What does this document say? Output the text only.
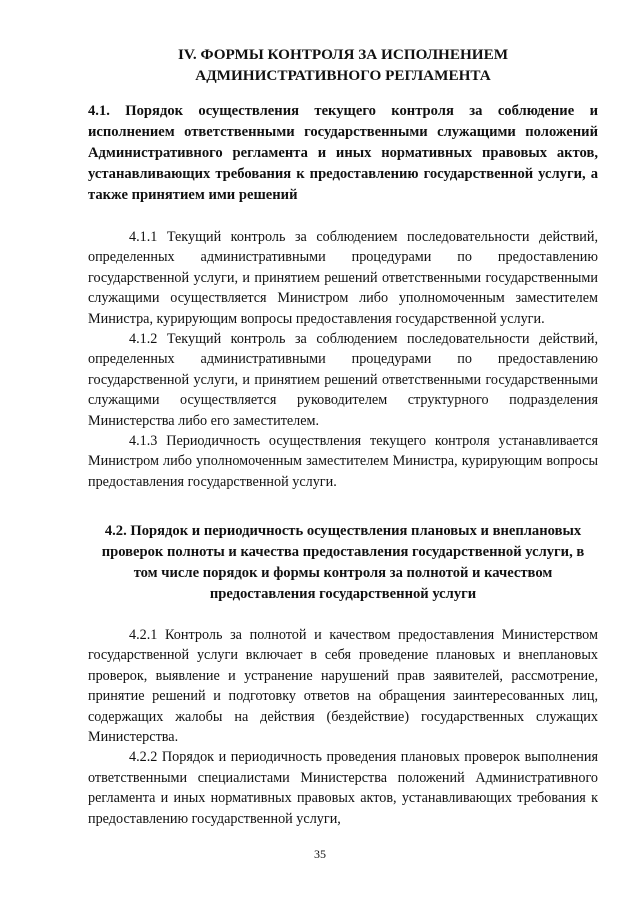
IV. ФОРМЫ КОНТРОЛЯ ЗА ИСПОЛНЕНИЕМ
АДМИНИСТРАТИВНОГО РЕГЛАМЕНТА
4.1. Порядок осуществления текущего контроля за соблюдение и исполнением ответственными государственными служащими положений Административного регламента и иных нормативных правовых актов, устанавливающих требования к предоставлению государственной услуги, а также принятием ими решений

4.1.1 Текущий контроль за соблюдением последовательности действий, определенных административными процедурами по предоставлению государственной услуги, и принятием решений ответственными государственными служащими осуществляется Министром либо уполномоченным заместителем Министра, курирующим вопросы предоставления государственной услуги.

4.1.2 Текущий контроль за соблюдением последовательности действий, определенных административными процедурами по предоставлению государственной услуги, и принятием решений ответственными государственными служащими осуществляется руководителем структурного подразделения Министерства либо его заместителем.

4.1.3 Периодичность осуществления текущего контроля устанавливается Министром либо уполномоченным заместителем Министра, курирующим вопросы предоставления государственной услуги.

4.2. Порядок и периодичность осуществления плановых и внеплановых проверок полноты и качества предоставления государственной услуги, в том числе порядок и формы контроля за полнотой и качеством предоставления государственной услуги

4.2.1 Контроль за полнотой и качеством предоставления Министерством государственной услуги включает в себя проведение плановых и внеплановых проверок, выявление и устранение нарушений прав заявителей, рассмотрение, принятие решений и подготовку ответов на обращения заинтересованных лиц, содержащих жалобы на действия (бездействие) государственных служащих Министерства.

4.2.2 Порядок и периодичность проведения плановых проверок выполнения ответственными специалистами Министерства положений Административного регламента и иных нормативных правовых актов, устанавливающих требования к предоставлению государственной услуги,

35
